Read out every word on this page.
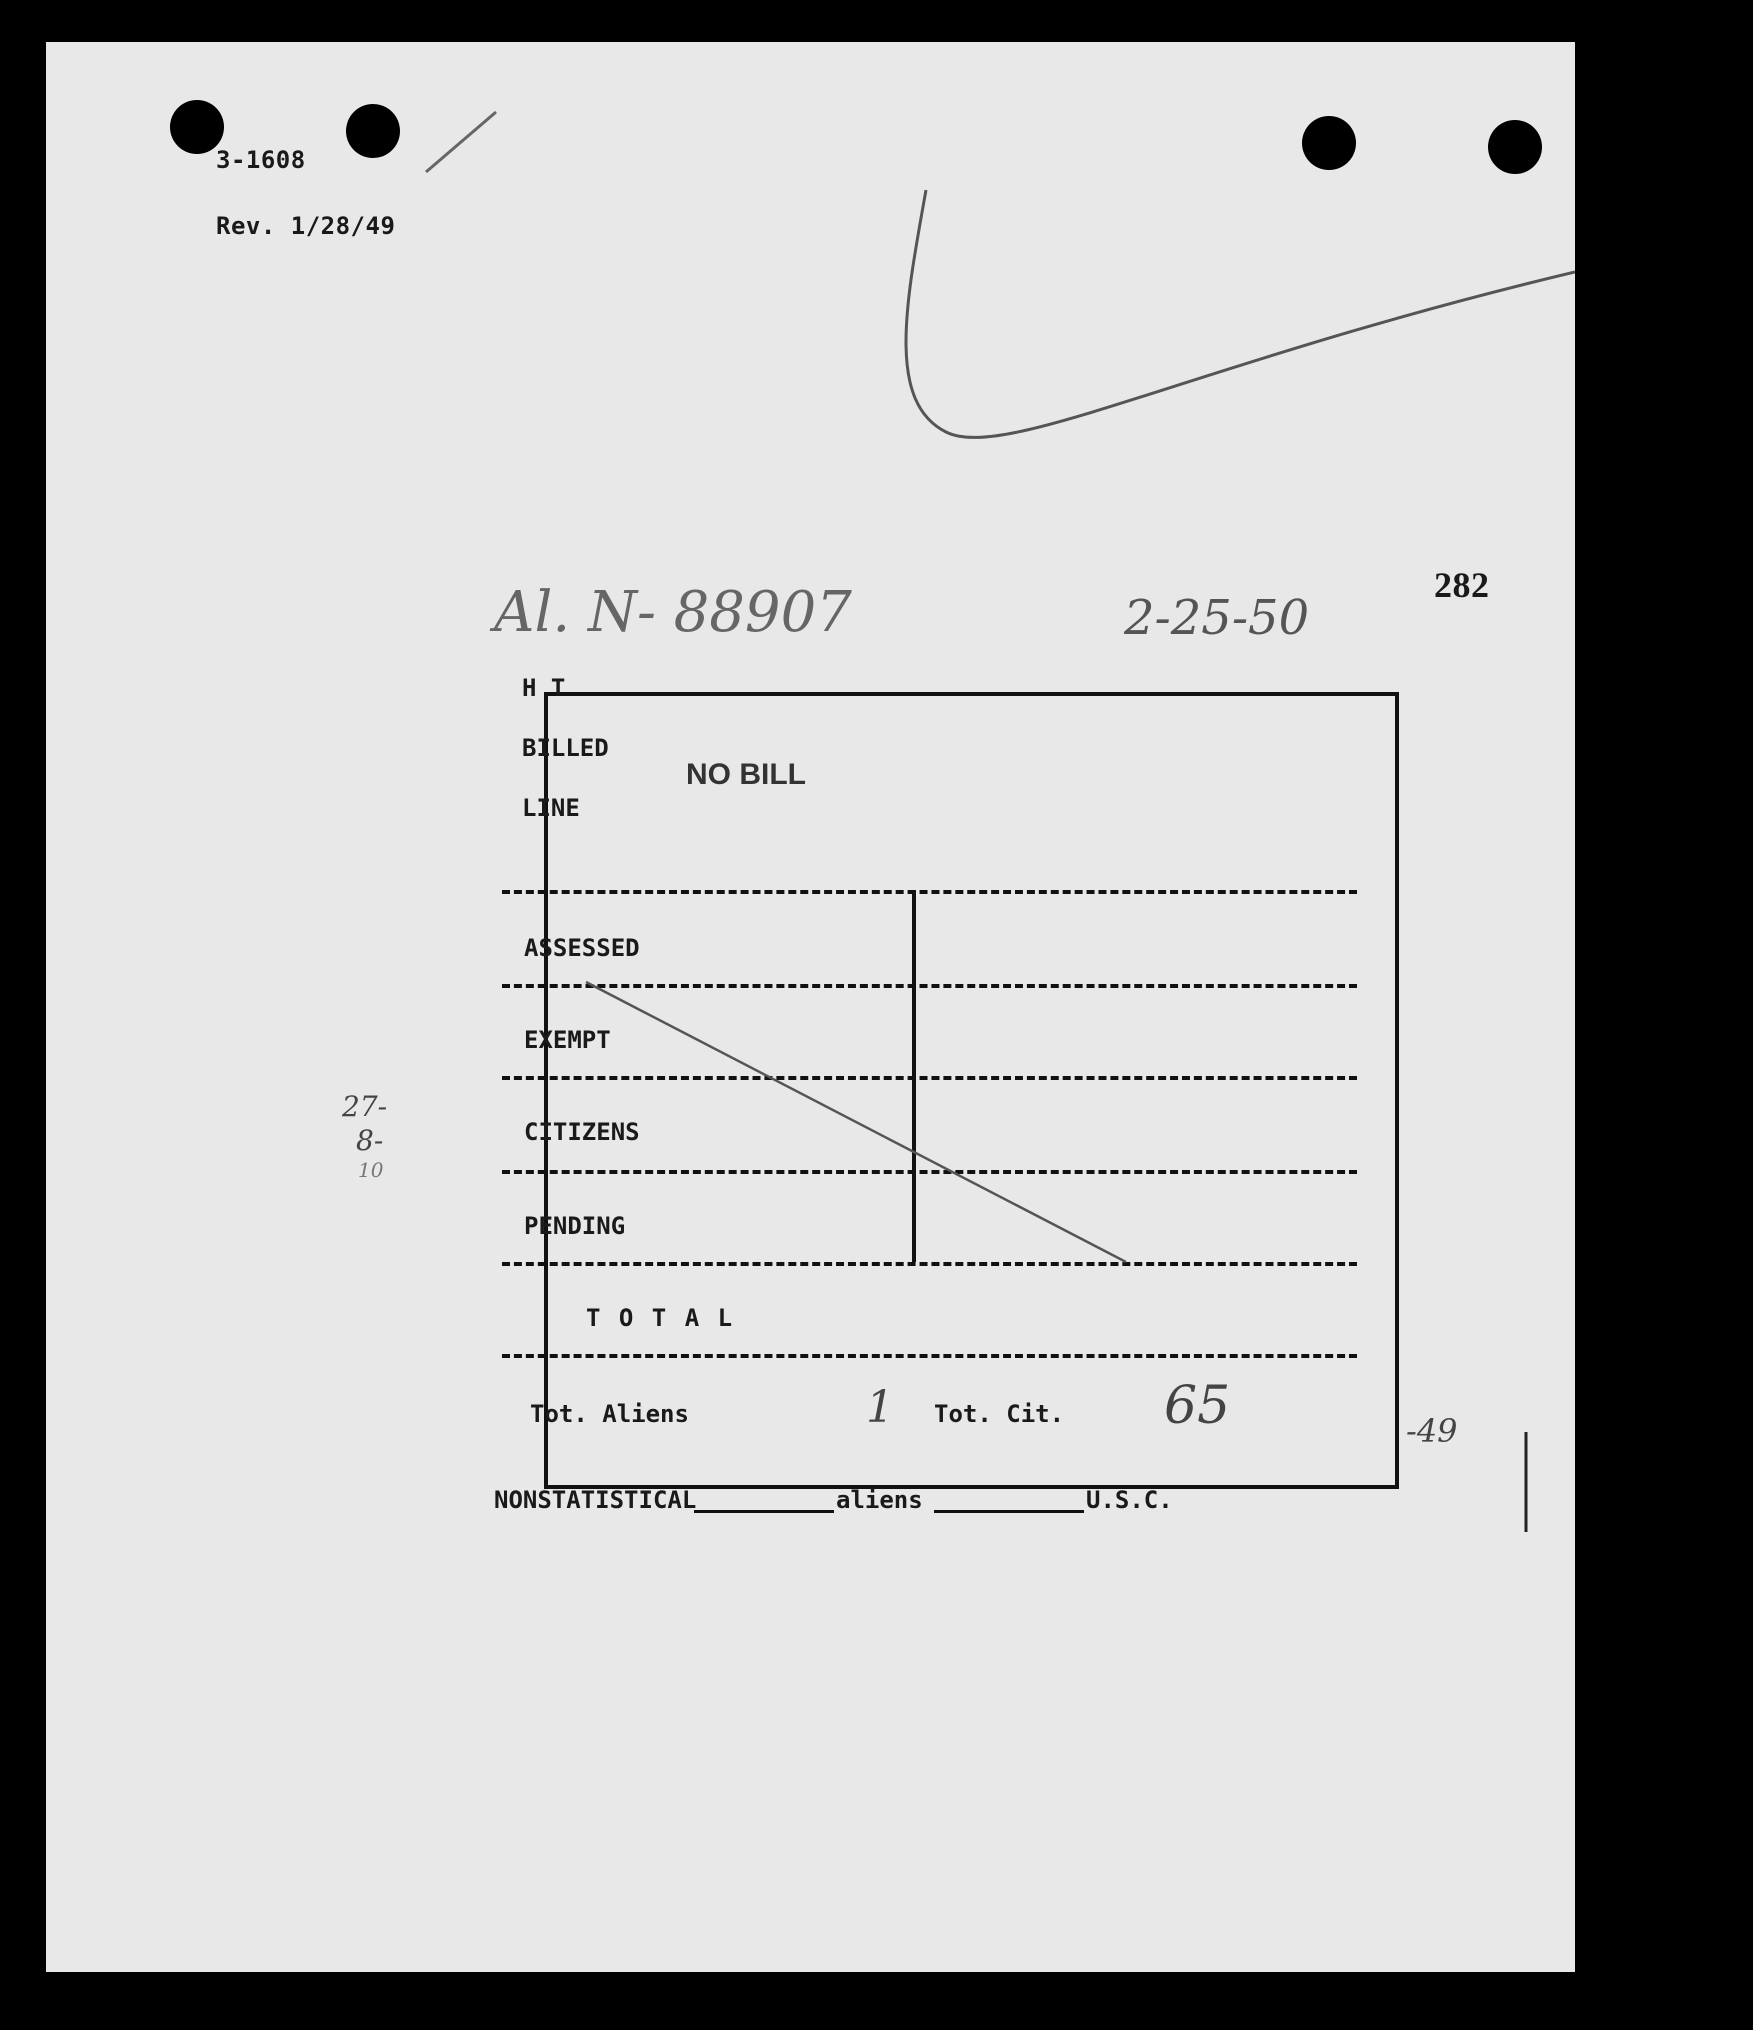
3-1608
Rev. 1/28/49
282
Al. N- 88907	2-25-50
27-
8-
10
-49
H T
BILLED
LINE
NO BILL
ASSESSED
EXEMPT
CITIZENS
PENDING
T O T A L
Tot. Aliens	1 Tot. Cit. 65
NONSTATISTICAL	aliens	U.S.C.
